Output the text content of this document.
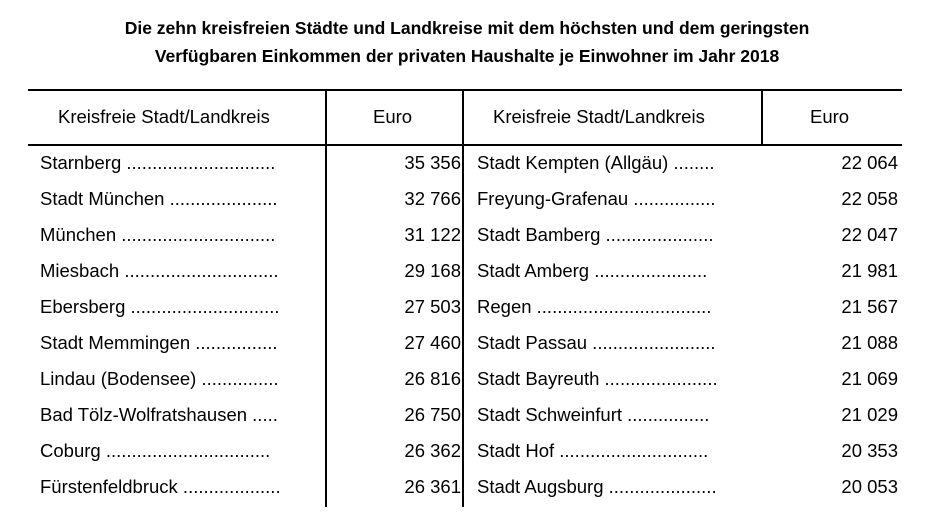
Die zehn kreisfreien Städte und Landkreise mit dem höchsten und dem geringsten
Verfügbaren Einkommen der privaten Haushalte je Einwohner im Jahr 2018
Kreisfreie Stadt/Landkreis	Euro	Kreisfreie Stadt/Landkreis	Euro
Starnberg .............................	35 356 Stadt Kempten (Allgäu) ........	22 064
Stadt München .....................	32 766 Freyung-Grafenau ................	22 058
München ..............................	31 122 Stadt Bamberg .....................	22 047
Miesbach ..............................	29 168 Stadt Amberg ......................	21 981
Ebersberg .............................	27 503 Regen ..................................	21 567
Stadt Memmingen ................	27 460 Stadt Passau ........................	21 088
Lindau (Bodensee) ...............	26 816 Stadt Bayreuth ......................	21 069
Bad Tölz-Wolfratshausen .....	26 750 Stadt Schweinfurt ................	21 029
Coburg ................................	26 362 Stadt Hof .............................	20 353
Fürstenfeldbruck ...................	26 361 Stadt Augsburg .....................	20 053
